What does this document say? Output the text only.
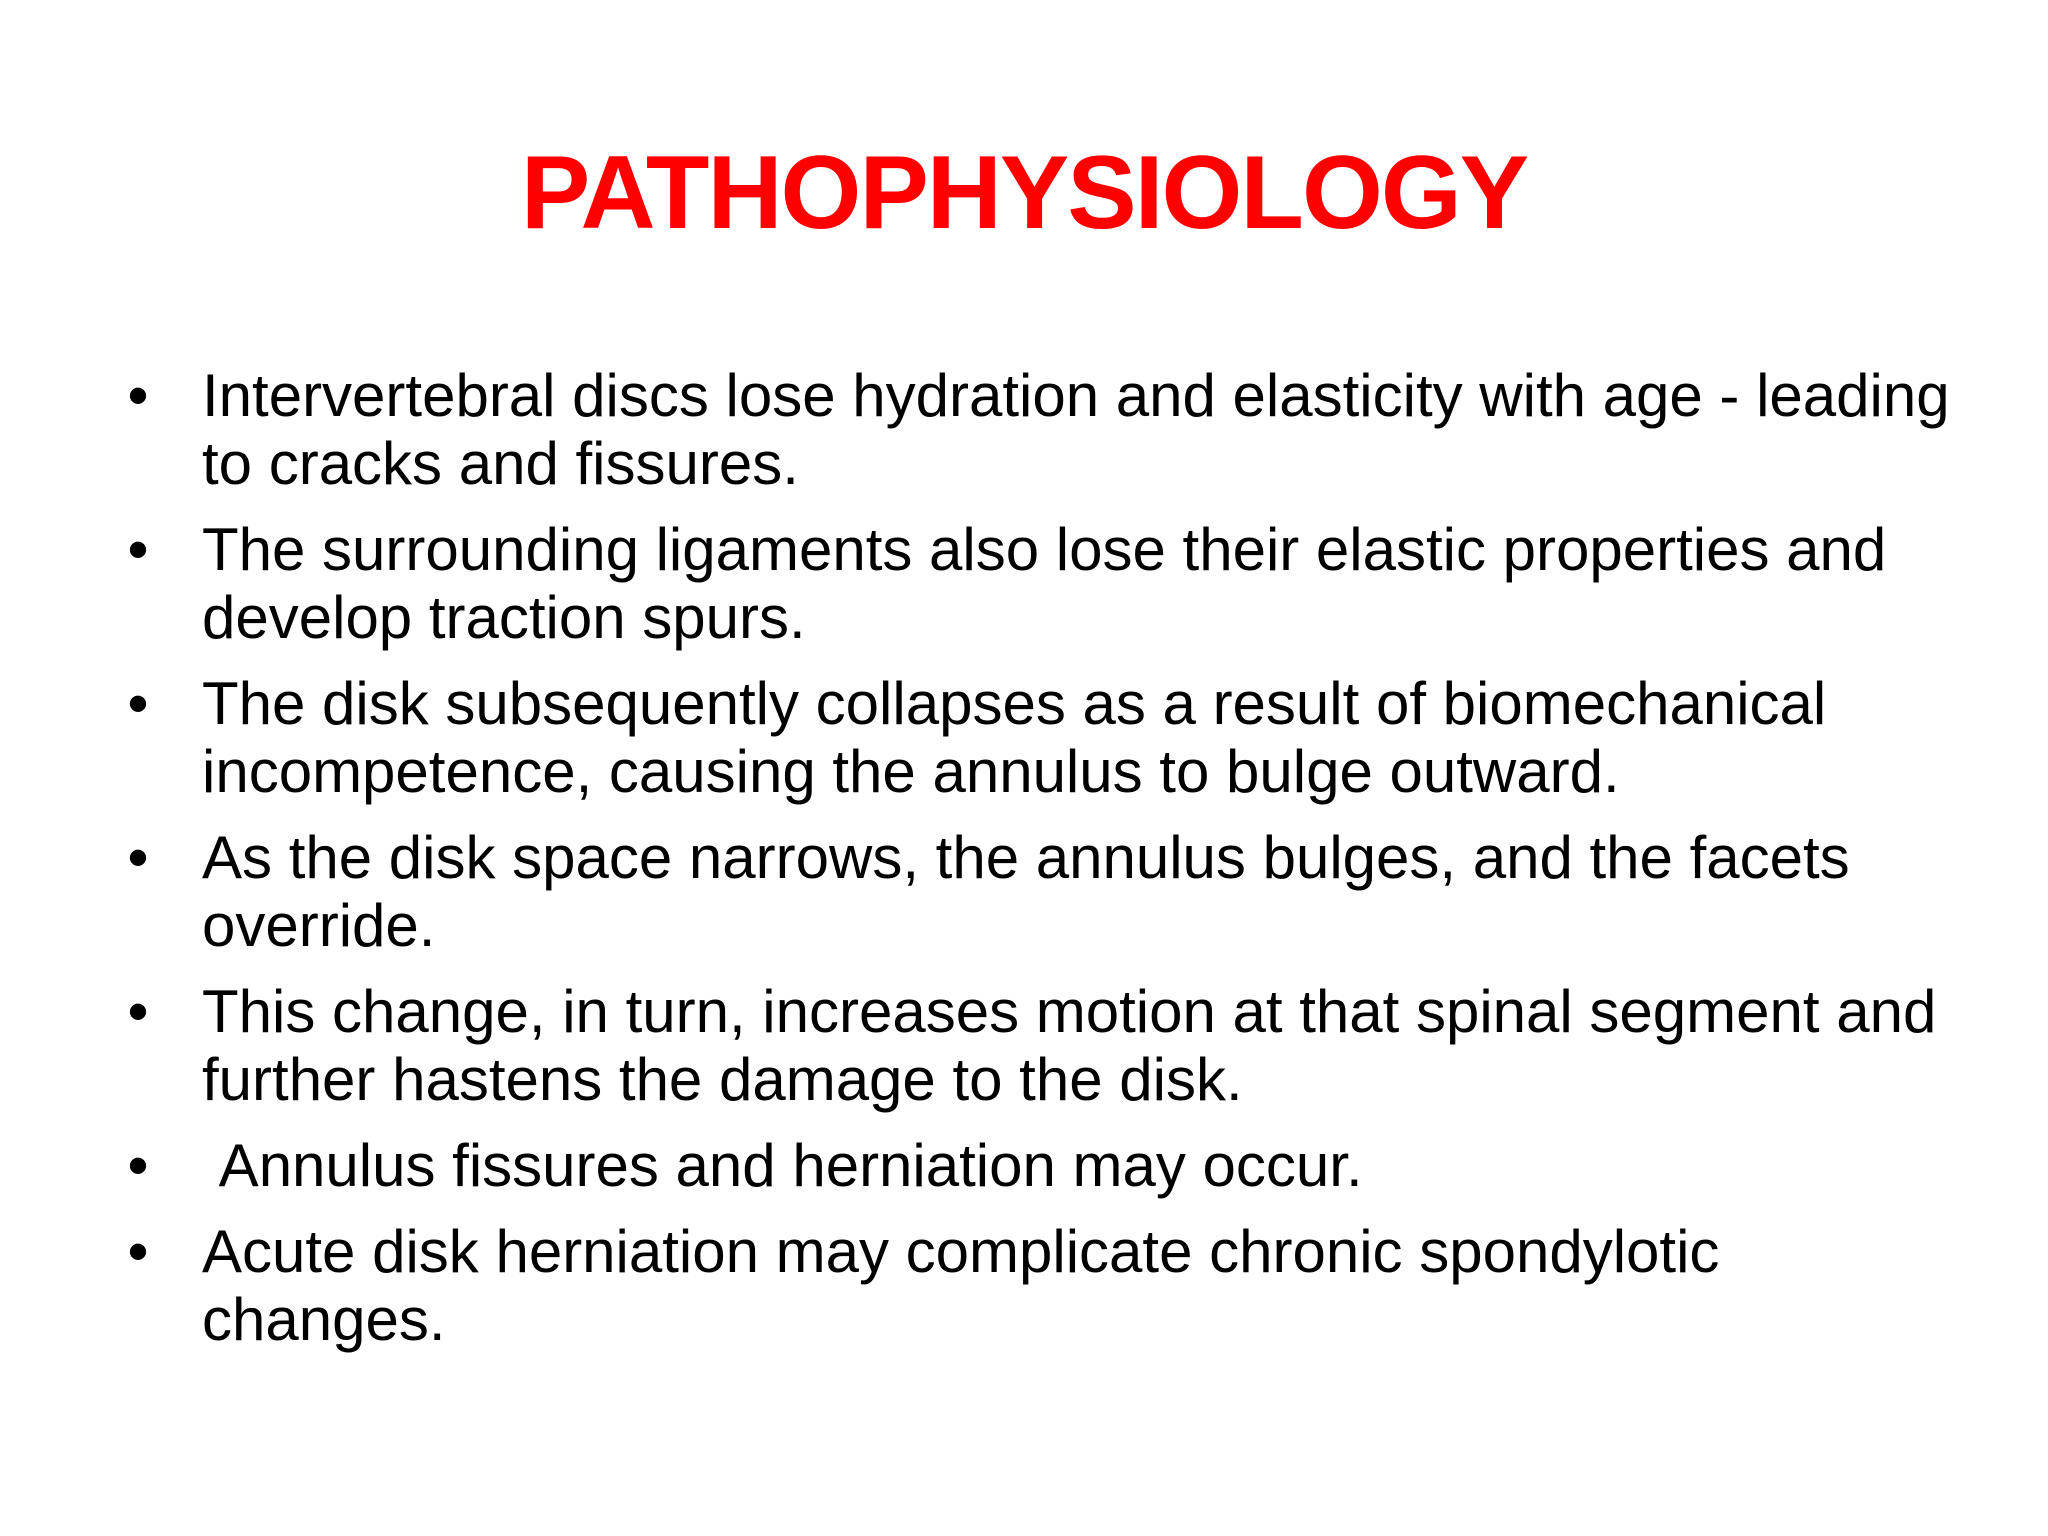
PATHOPHYSIOLOGY
• Intervertebral discs lose hydration and elasticity with age - leading to cracks and fissures.
• The surrounding ligaments also lose their elastic properties and develop traction spurs.
• The disk subsequently collapses as a result of biomechanical incompetence, causing the annulus to bulge outward.
• As the disk space narrows, the annulus bulges, and the facets override.
• This change, in turn, increases motion at that spinal segment and further hastens the damage to the disk.
• Annulus fissures and herniation may occur.
• Acute disk herniation may complicate chronic spondylotic changes.
